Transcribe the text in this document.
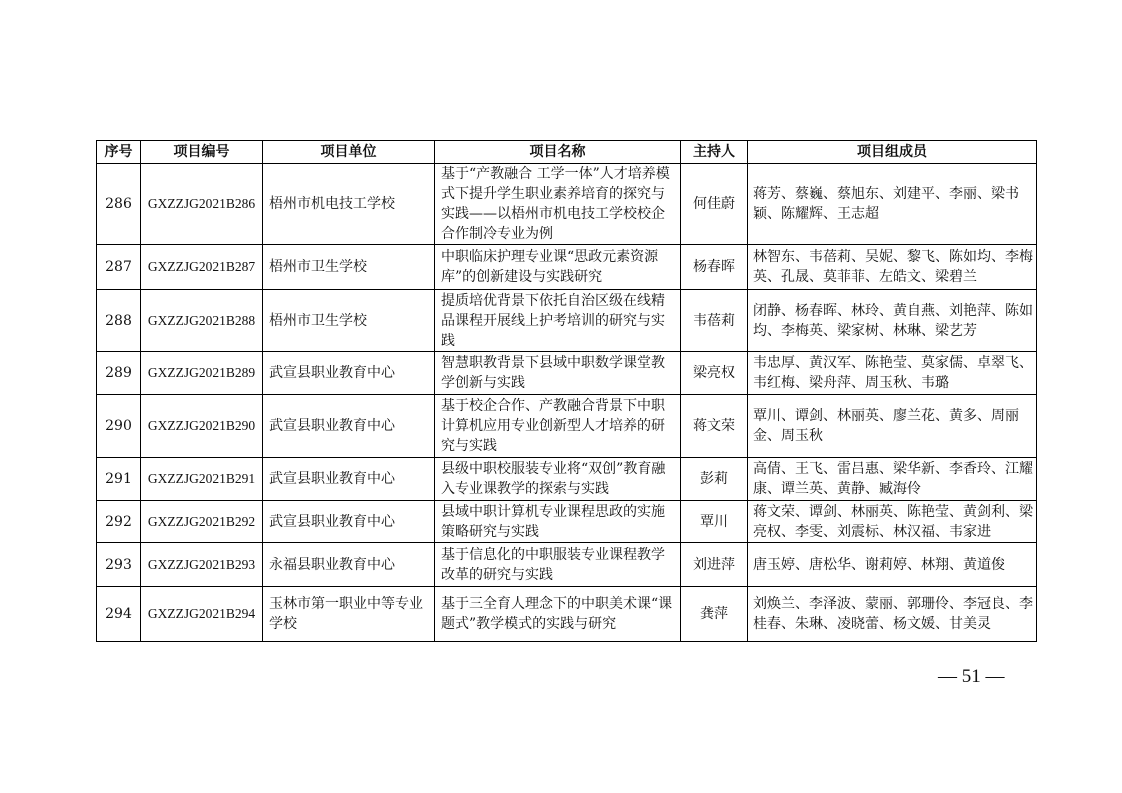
序号	项目编号	项目单位	项目名称	主持人	项目组成员
286	GXZZJG2021B286	梧州市机电技工学校	基于“产教融合 工学一体”人才培养模式下提升学生职业素养培育的探究与实践——以梧州市机电技工学校校企合作制冷专业为例	何佳蔚	蒋芳、蔡巍、蔡旭东、刘建平、李丽、梁书颖、陈耀辉、王志超
287	GXZZJG2021B287	梧州市卫生学校	中职临床护理专业课“思政元素资源库”的创新建设与实践研究	杨春晖	林智东、韦蓓莉、吴妮、黎飞、陈如均、李梅英、孔晟、莫菲菲、左皓文、梁碧兰
288	GXZZJG2021B288	梧州市卫生学校	提质培优背景下依托自治区级在线精品课程开展线上护考培训的研究与实践	韦蓓莉	闭静、杨春晖、林玲、黄自燕、刘艳萍、陈如均、李梅英、梁家树、林琳、梁艺芳
289	GXZZJG2021B289	武宣县职业教育中心	智慧职教背景下县域中职数学课堂教学创新与实践	梁亮权	韦忠厚、黄汉军、陈艳莹、莫家儒、卓翠飞、韦红梅、梁舟萍、周玉秋、韦璐
290	GXZZJG2021B290	武宣县职业教育中心	基于校企合作、产教融合背景下中职计算机应用专业创新型人才培养的研究与实践	蒋文荣	覃川、谭剑、林丽英、廖兰花、黄多、周丽金、周玉秋
291	GXZZJG2021B291	武宣县职业教育中心	县级中职校服装专业将“双创”教育融入专业课教学的探索与实践	彭莉	高倩、王飞、雷吕惠、梁华新、李香玲、江耀康、谭兰英、黄静、臧海伶
292	GXZZJG2021B292	武宣县职业教育中心	县域中职计算机专业课程思政的实施策略研究与实践	覃川	蒋文荣、谭剑、林丽英、陈艳莹、黄剑利、梁亮权、李雯、刘震标、林汉福、韦家进
293	GXZZJG2021B293	永福县职业教育中心	基于信息化的中职服装专业课程教学改革的研究与实践	刘进萍	唐玉婷、唐松华、谢莉婷、林翔、黄道俊
294	GXZZJG2021B294	玉林市第一职业中等专业学校	基于三全育人理念下的中职美术课“课题式”教学模式的实践与研究	龚萍	刘焕兰、李泽波、蒙丽、郭珊伶、李冠良、李桂春、朱琳、凌晓蕾、杨文媛、甘美灵
— 51 —
